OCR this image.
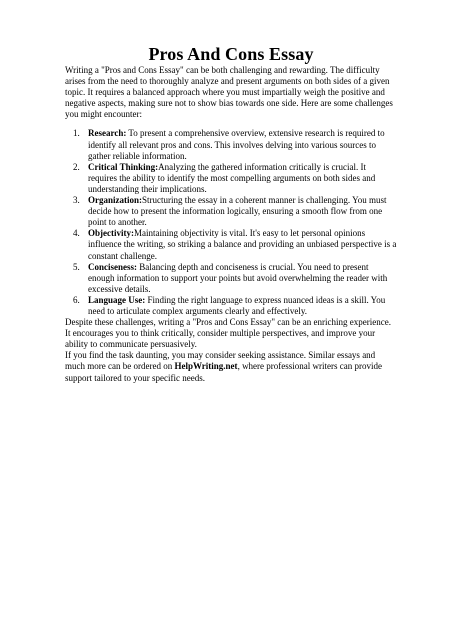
Pros And Cons Essay

Writing a "Pros and Cons Essay" can be both challenging and rewarding. The difficulty arises from the need to thoroughly analyze and present arguments on both sides of a given topic. It requires a balanced approach where you must impartially weigh the positive and negative aspects, making sure not to show bias towards one side. Here are some challenges you might encounter:

1. Research: To present a comprehensive overview, extensive research is required to identify all relevant pros and cons. This involves delving into various sources to gather reliable information.
2. Critical Thinking:Analyzing the gathered information critically is crucial. It requires the ability to identify the most compelling arguments on both sides and understanding their implications.
3. Organization:Structuring the essay in a coherent manner is challenging. You must decide how to present the information logically, ensuring a smooth flow from one point to another.
4. Objectivity:Maintaining objectivity is vital. It's easy to let personal opinions influence the writing, so striking a balance and providing an unbiased perspective is a constant challenge.
5. Conciseness: Balancing depth and conciseness is crucial. You need to present enough information to support your points but avoid overwhelming the reader with excessive details.
6. Language Use: Finding the right language to express nuanced ideas is a skill. You need to articulate complex arguments clearly and effectively.

Despite these challenges, writing a "Pros and Cons Essay" can be an enriching experience. It encourages you to think critically, consider multiple perspectives, and improve your ability to communicate persuasively.

If you find the task daunting, you may consider seeking assistance. Similar essays and much more can be ordered on HelpWriting.net, where professional writers can provide support tailored to your specific needs.
